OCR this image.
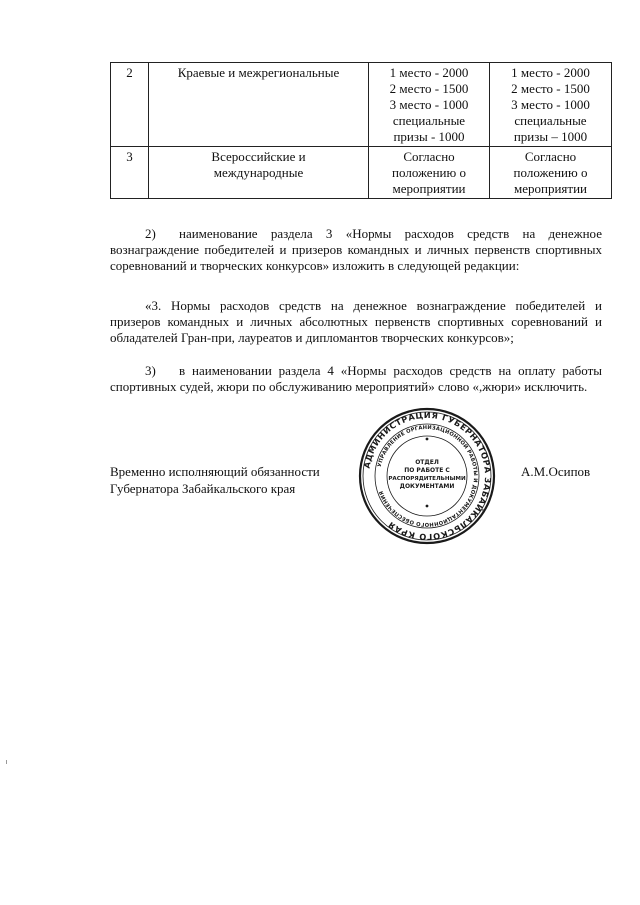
2	Краевые и межрегиональные	1 место - 2000
2 место - 1500
3 место - 1000
специальные
призы - 1000	1 место - 2000
2 место - 1500
3 место - 1000
специальные
призы – 1000

3	Всероссийские и
международные	Согласно
положению о
мероприятии	Согласно
положению о
мероприятии

2) наименование раздела 3 «Нормы расходов средств на денежное вознаграждение победителей и призеров командных и личных первенств спортивных соревнований и творческих конкурсов» изложить в следующей редакции:

«3. Нормы расходов средств на денежное вознаграждение победителей и призеров командных и личных абсолютных первенств спортивных соревнований и обладателей Гран-при, лауреатов и дипломантов творческих конкурсов»;

3) в наименовании раздела 4 «Нормы расходов средств на оплату работы спортивных судей, жюри по обслуживанию мероприятий» слово «,жюри» исключить.

Временно исполняющий обязанности
Губернатора Забайкальского края
А.М.Осипов
АДМИНИСТРАЦИЯ ГУБЕРНАТОРА ЗАБАЙКАЛЬСКОГО КРАЯ
УПРАВЛЕНИЕ ОРГАНИЗАЦИОННОЙ РАБОТЫ И ДОКУМЕНТАЦИОННОГО ОБЕСПЕЧЕНИЯ
ОТДЕЛ
ПО РАБОТЕ С
РАСПОРЯДИТЕЛЬНЫМИ
ДОКУМЕНТАМИ
